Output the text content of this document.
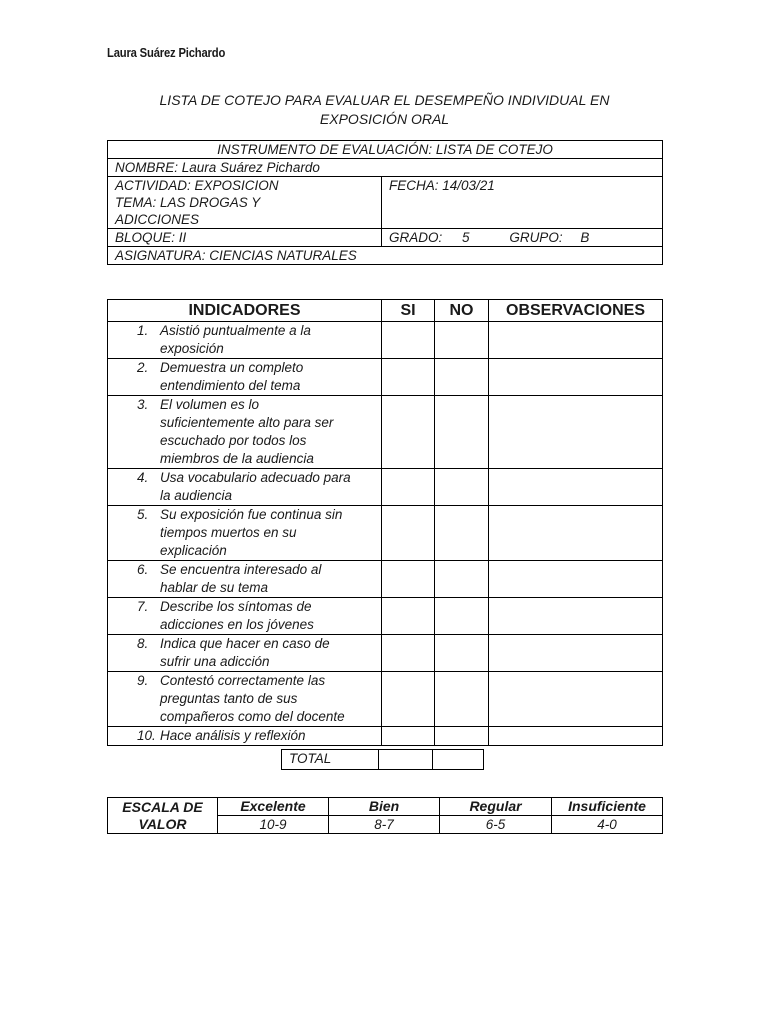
Laura Suárez Pichardo
LISTA DE COTEJO PARA EVALUAR EL DESEMPEÑO INDIVIDUAL EN
EXPOSICIÓN ORAL
INSTRUMENTO DE EVALUACIÓN: LISTA DE COTEJO	
NOMBRE: Laura Suárez Pichardo	

ACTIVIDAD: EXPOSICION
TEMA: LAS DROGAS Y
ADICCIONES	FECHA: 14/03/21
BLOQUE: II	GRADO: 5 GRUPO: B
ASIGNATURA: CIENCIAS NATURALES	
INDICADORES	SI	NO	OBSERVACIONES

1. Asistió puntualmente a la
exposición			

2. Demuestra un completo
entendimiento del tema			

3. El volumen es lo
suficientemente alto para ser
escuchado por todos los
miembros de la audiencia			

4. Usa vocabulario adecuado para
la audiencia			

5. Su exposición fue continua sin
tiempos muertos en su
explicación			

6. Se encuentra interesado al
hablar de su tema			

7. Describe los síntomas de
adicciones en los jóvenes			

8. Indica que hacer en caso de
sufrir una adicción			

9. Contestó correctamente las
preguntas tanto de sus
compañeros como del docente			

10. Hace análisis y reflexión			

TOTAL		
ESCALA DE
VALOR	Excelente	Bien	Regular	Insuficiente
	10-9	8-7	6-5	4-0
